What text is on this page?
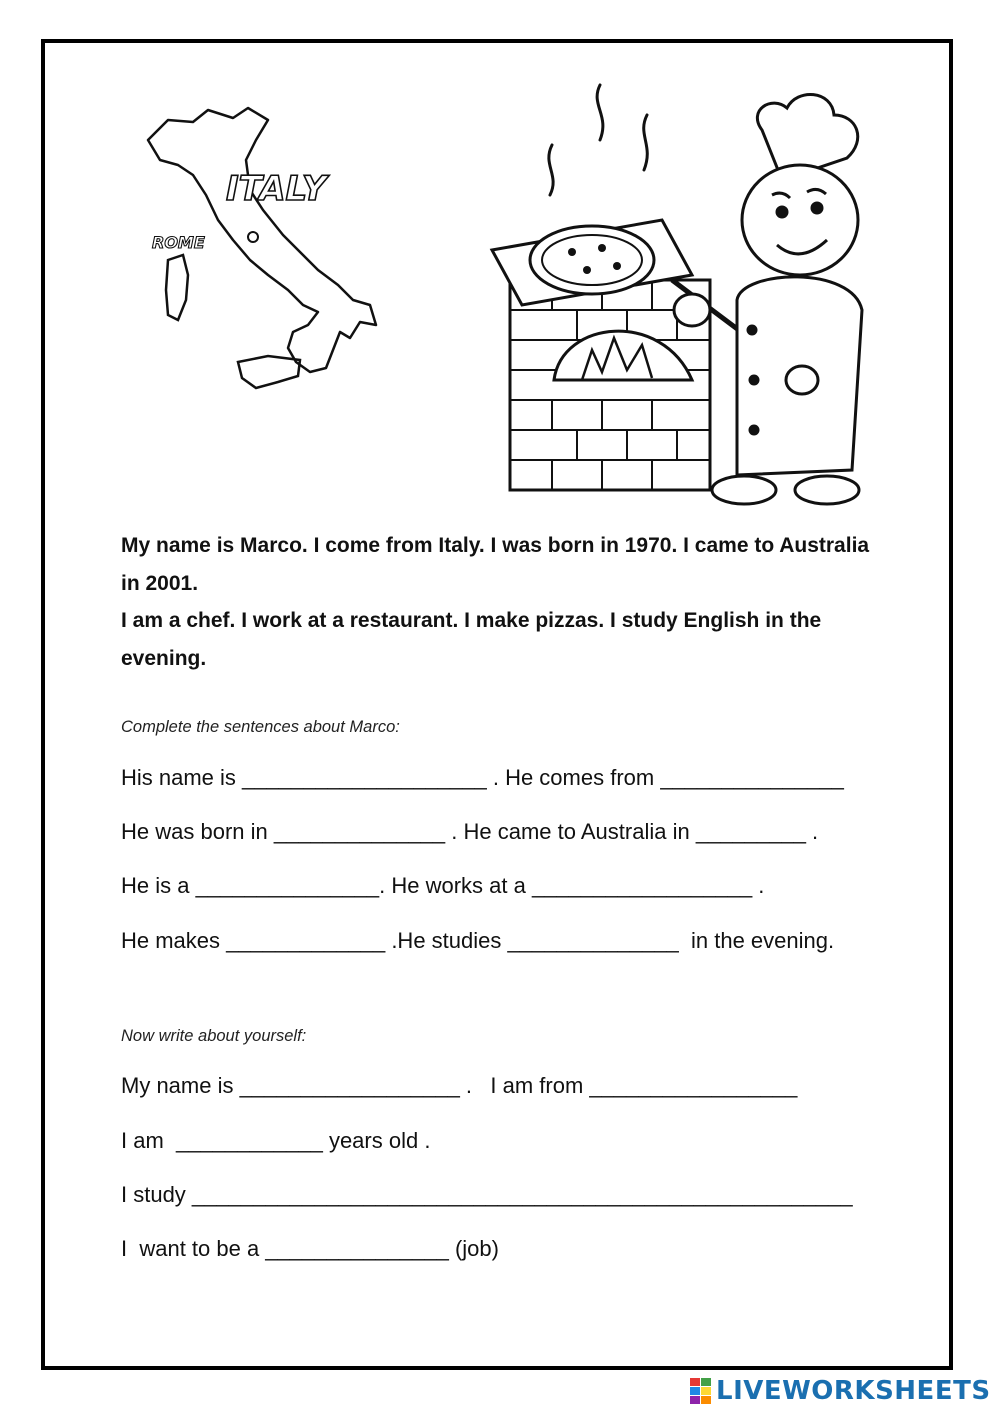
ITALY
ROME

My name is Marco. I come from Italy. I was born in 1970. I came to Australia in 2001.

I am a chef. I work at a restaurant. I make pizzas. I study English in the evening.

Complete the sentences about Marco:

His name is ____________________ . He comes from _______________

He was born in ______________ . He came to Australia in _________ .

He is a _______________. He works at a __________________ .

He makes _____________ .He studies ______________  in the evening.

Now write about yourself:

My name is __________________ .   I am from _________________

I am  ____________ years old .

I study ______________________________________________________

I  want to be a _______________ (job)

LIVEWORKSHEETS
